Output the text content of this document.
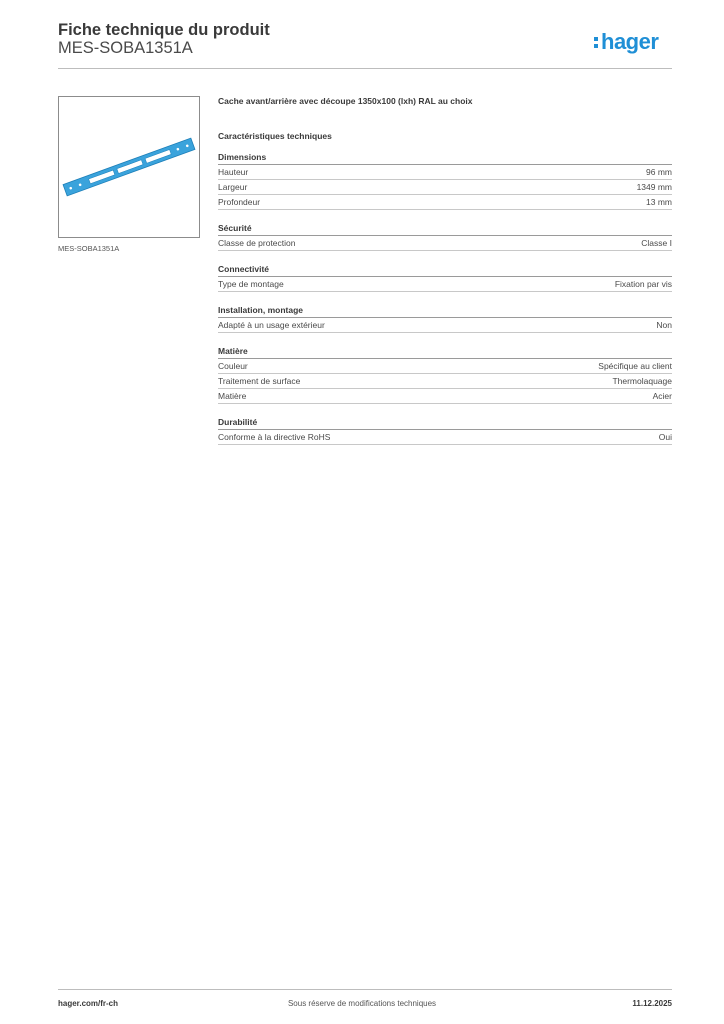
Fiche technique du produit
MES-SOBA1351A	hager
MES-SOBA1351A
Cache avant/arrière avec découpe 1350x100 (lxh) RAL au choix
Caractéristiques techniques
Dimensions
Hauteur	96 mm
Largeur	1349 mm
Profondeur	13 mm
Sécurité
Classe de protection	Classe I
Connectivité
Type de montage	Fixation par vis
Installation, montage
Adapté à un usage extérieur	Non
Matière
Couleur	Spécifique au client
Traitement de surface	Thermolaquage
Matière	Acier
Durabilité
Conforme à la directive RoHS	Oui
hager.com/fr-ch	Sous réserve de modifications techniques	11.12.2025
